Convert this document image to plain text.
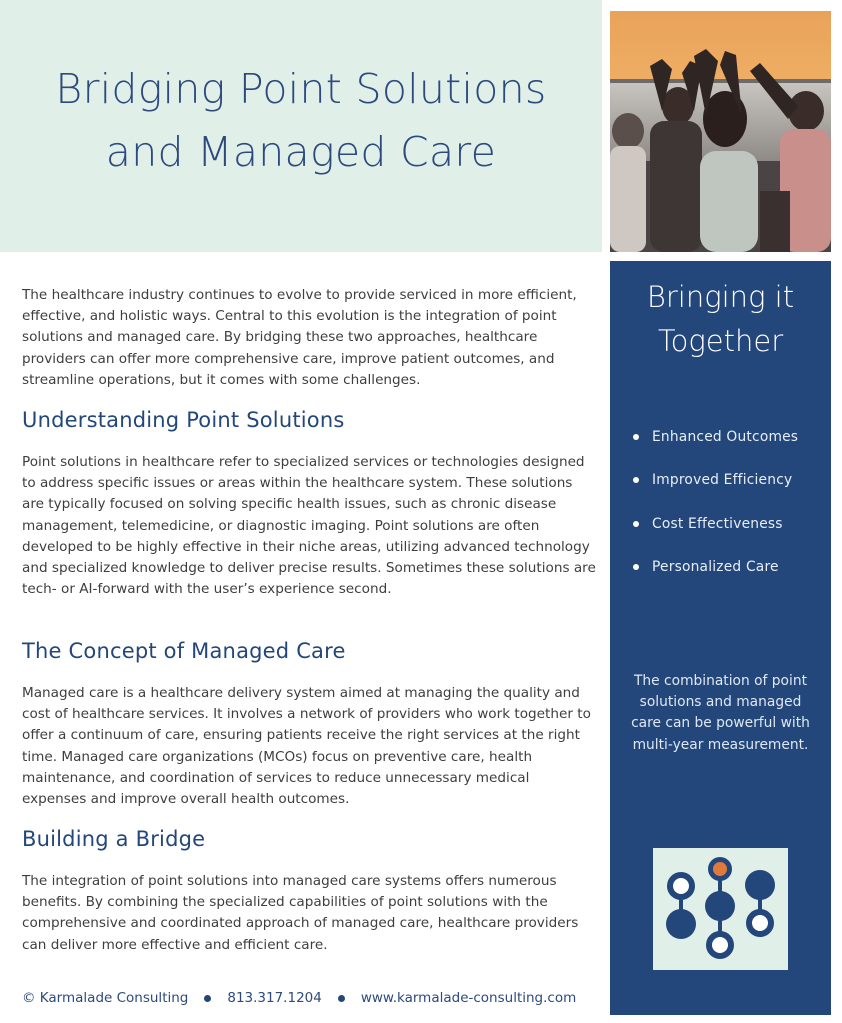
Bridging Point Solutions
and Managed Care

The healthcare industry continues to evolve to provide serviced in more efficient, effective, and holistic ways. Central to this evolution is the integration of point solutions and managed care. By bridging these two approaches, healthcare providers can offer more comprehensive care, improve patient outcomes, and streamline operations, but it comes with some challenges.

Understanding Point Solutions

Point solutions in healthcare refer to specialized services or technologies designed to address specific issues or areas within the healthcare system. These solutions are typically focused on solving specific health issues, such as chronic disease management, telemedicine, or diagnostic imaging. Point solutions are often developed to be highly effective in their niche areas, utilizing advanced technology and specialized knowledge to deliver precise results. Sometimes these solutions are tech- or AI-forward with the user’s experience second.

The Concept of Managed Care

Managed care is a healthcare delivery system aimed at managing the quality and cost of healthcare services. It involves a network of providers who work together to offer a continuum of care, ensuring patients receive the right services at the right time. Managed care organizations (MCOs) focus on preventive care, health maintenance, and coordination of services to reduce unnecessary medical expenses and improve overall health outcomes.

Building a Bridge

The integration of point solutions into managed care systems offers numerous benefits. By combining the specialized capabilities of point solutions with the comprehensive and coordinated approach of managed care, healthcare providers can deliver more effective and efficient care.

© Karmalade Consulting	813.317.1204	www.karmalade-consulting.com
Bringing it
Together
Enhanced Outcomes
Improved Efficiency
Cost Effectiveness
Personalized Care

The combination of point solutions and managed care can be powerful with multi-year measurement.
